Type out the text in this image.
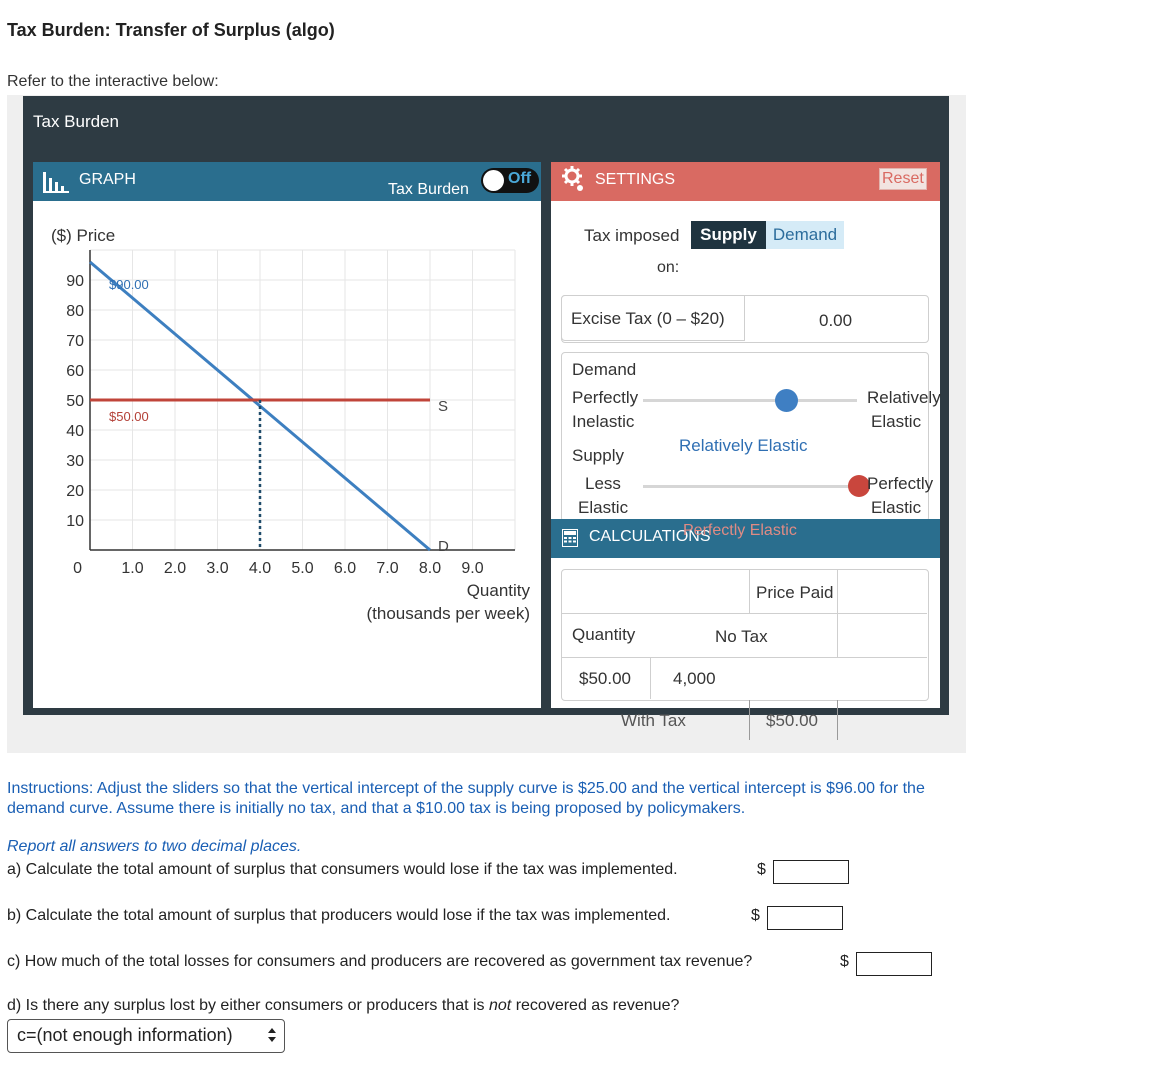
Tax Burden: Transfer of Surplus (algo)
Refer to the interactive below:
Tax Burden
GRAPH
Tax Burden
Off
($) Price
10
20
30
40
50
60
70
80
90
0 1.0 2.0 3.0 4.0 5.0 6.0 7.0 8.0 9.0
Quantity
(thousands per week)
D
S
$90.00
$50.00
SETTINGS	Reset
Tax imposed
on:
Supply Demand
Excise Tax (0 – $20)	0.00
Demand
Perfectly
Inelastic
Relatively
Elastic
Relatively Elastic
Supply
Less
Elastic
Perfectly
Elastic
CALCULATIONS
Perfectly Elastic
Price Paid
Quantity	No Tax
$50.00 4,000
With Tax	$50.00
Instructions: Adjust the sliders so that the vertical intercept of the supply curve is $25.00 and the vertical intercept is $96.00 for the demand curve. Assume there is initially no tax, and that a $10.00 tax is being proposed by policymakers.
Report all answers to two decimal places.
a) Calculate the total amount of surplus that consumers would lose if the tax was implemented.	$
b) Calculate the total amount of surplus that producers would lose if the tax was implemented.	$
c) How much of the total losses for consumers and producers are recovered as government tax revenue?	$
d) Is there any surplus lost by either consumers or producers that is not recovered as revenue?
c=(not enough information)
